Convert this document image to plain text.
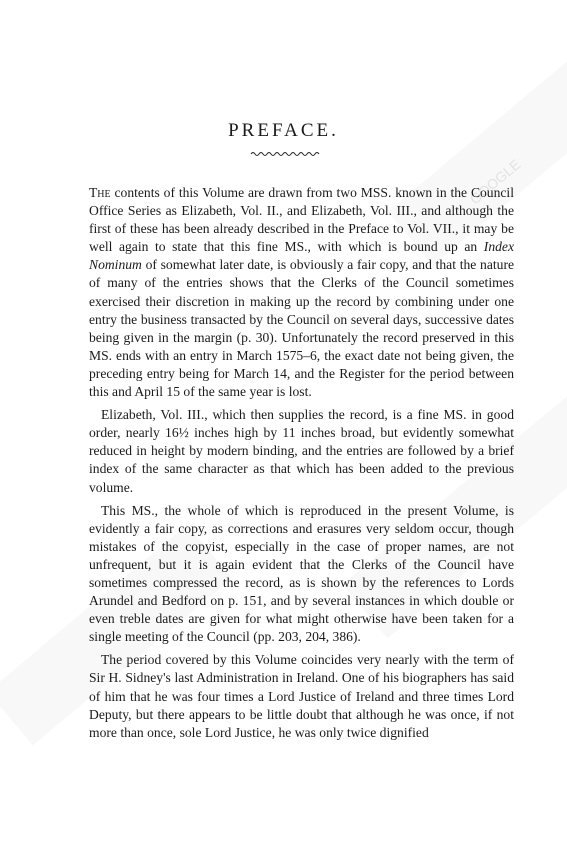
GOOGLE
PREFACE.

The contents of this Volume are drawn from two MSS. known in the Council Office Series as Elizabeth, Vol. II., and Elizabeth, Vol. III., and although the first of these has been already described in the Preface to Vol. VII., it may be well again to state that this fine MS., with which is bound up an Index Nominum of somewhat later date, is obviously a fair copy, and that the nature of many of the entries shows that the Clerks of the Council sometimes exercised their discretion in making up the record by combining under one entry the business transacted by the Council on several days, successive dates being given in the margin (p. 30). Unfortunately the record preserved in this MS. ends with an entry in March 1575–6, the exact date not being given, the preceding entry being for March 14, and the Register for the period between this and April 15 of the same year is lost.

Elizabeth, Vol. III., which then supplies the record, is a fine MS. in good order, nearly 16½ inches high by 11 inches broad, but evidently somewhat reduced in height by modern binding, and the entries are followed by a brief index of the same character as that which has been added to the previous volume.

This MS., the whole of which is reproduced in the present Volume, is evidently a fair copy, as corrections and erasures very seldom occur, though mistakes of the copyist, especially in the case of proper names, are not unfrequent, but it is again evident that the Clerks of the Council have sometimes compressed the record, as is shown by the references to Lords Arundel and Bedford on p. 151, and by several instances in which double or even treble dates are given for what might otherwise have been taken for a single meeting of the Council (pp. 203, 204, 386).

The period covered by this Volume coincides very nearly with the term of Sir H. Sidney's last Administration in Ireland. One of his biographers has said of him that he was four times a Lord Justice of Ireland and three times Lord Deputy, but there appears to be little doubt that although he was once, if not more than once, sole Lord Justice, he was only twice dignified
